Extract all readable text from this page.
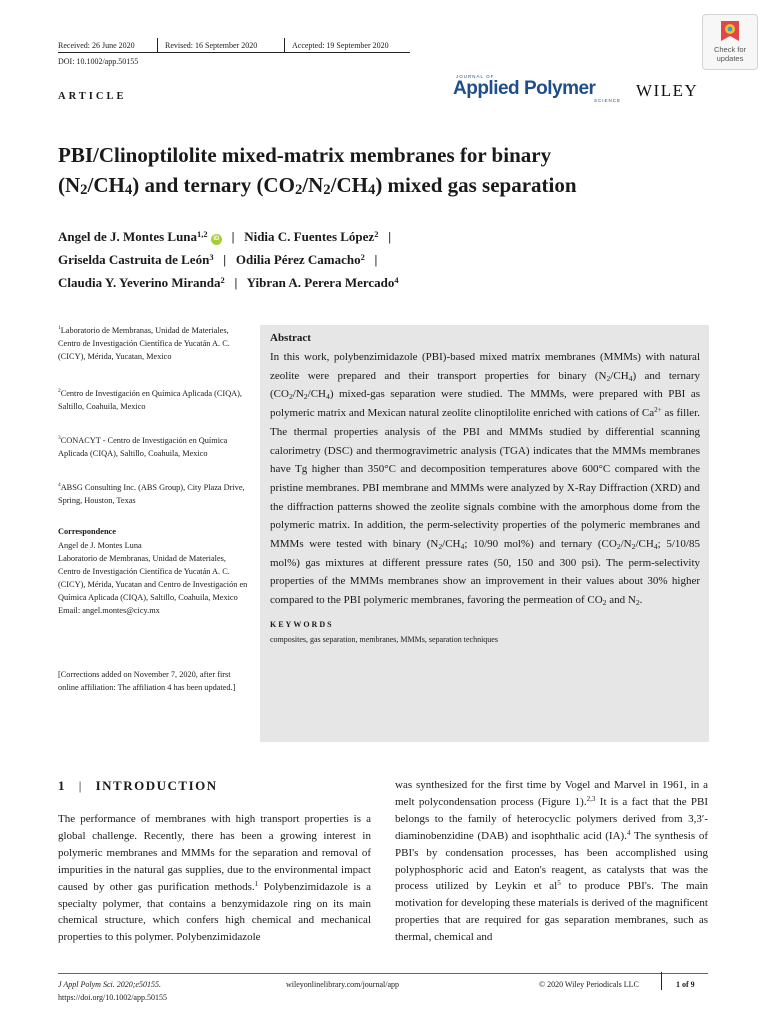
Received: 26 June 2020	Revised: 16 September 2020	Accepted: 19 September 2020
DOI: 10.1002/app.50155
ARTICLE
Check for updates
JOURNAL OF
Applied Polymer
SCIENCE
WILEY
PBI/Clinoptilolite mixed-matrix membranes for binary
$(N_2/CH_4)$ and ternary $(CO_2/N_2/CH_4)$ mixed gas separation
Angel de J. Montes Luna$^{1,2}$ iD   |   Nidia C. Fuentes López$^2$   |
Griselda Castruita de León$^3$   |   Odilia Pérez Camacho$^2$   |
Claudia Y. Yeverino Miranda$^2$   |   Yibran A. Perera Mercado$^4$
$^1$Laboratorio de Membranas, Unidad de Materiales, Centro de Investigación Científica de Yucatán A. C. (CICY), Mérida, Yucatan, Mexico
$^2$Centro de Investigación en Química Aplicada (CIQA), Saltillo, Coahuila, Mexico
$^3$CONACYT - Centro de Investigación en Química Aplicada (CIQA), Saltillo, Coahuila, Mexico
$^4$ABSG Consulting Inc. (ABS Group), City Plaza Drive, Spring, Houston, Texas
Correspondence
Angel de J. Montes Luna
Laboratorio de Membranas, Unidad de Materiales, Centro de Investigación Científica de Yucatán A. C. (CICY), Mérida, Yucatan and Centro de Investigación en Química Aplicada (CIQA), Saltillo, Coahuila, Mexico
Email: angel.montes@cicy.mx
[Corrections added on November 7, 2020, after first online affiliation: The affiliation 4 has been updated.]
Abstract
In this work, polybenzimidazole (PBI)-based mixed matrix membranes (MMMs) with natural zeolite were prepared and their transport properties for binary $(N_2/CH_4)$ and ternary $(CO_2/N_2/CH_4)$ mixed-gas separation were studied. The MMMs, were prepared with PBI as polymeric matrix and Mexican natural zeolite clinoptilolite enriched with cations of $Ca^{2+}$ as filler. The thermal properties analysis of the PBI and MMMs studied by differential scanning calorimetry (DSC) and thermogravimetric analysis (TGA) indicates that the MMMs membranes have Tg higher than 350°C and decomposition temperatures above 600°C compared with the pristine membranes. PBI membrane and MMMs were analyzed by X-Ray Diffraction (XRD) and the diffraction patterns showed the zeolite signals combine with the amorphous dome from the polymeric matrix. In addition, the perm-selectivity properties of the polymeric membranes and MMMs were tested with binary ($N_2/CH_4$; 10/90 mol%) and ternary ($CO_2/N_2/CH_4$; 5/10/85 mol%) gas mixtures at different pressure rates (50, 150 and 300 psi). The perm-selectivity properties of the MMMs membranes show an improvement in their values about 30% higher compared to the PBI polymeric membranes, favoring the permeation of $CO_2$ and $N_2$.
KEYWORDS
composites, gas separation, membranes, MMMs, separation techniques
1 | INTRODUCTION
The performance of membranes with high transport properties is a global challenge. Recently, there has been a growing interest in polymeric membranes and MMMs for the separation and removal of impurities in the natural gas supplies, due to the environmental impact caused by other gas purification methods.$^1$ Polybenzimidazole is a specialty polymer, that contains a benzymidazole ring on its main chemical structure, which confers high chemical and mechanical properties to this polymer. Polybenzimidazole
was synthesized for the first time by Vogel and Marvel in 1961, in a melt polycondensation process (Figure 1).$^{2,3}$ It is a fact that the PBI belongs to the family of heterocyclic polymers derived from 3,3′-diaminobenzidine (DAB) and isophthalic acid (IA).$^4$ The synthesis of PBI's by condensation processes, has been accomplished using polyphosphoric acid and Eaton's reagent, as catalysts that was the process utilized by Leykin et $al^5$ to produce PBI's. The main motivation for developing these materials is derived of the magnificent properties that are required for gas separation membranes, such as thermal, chemical and
J Appl Polym Sci. 2020;e50155.
https://doi.org/10.1002/app.50155
wileyonlinelibrary.com/journal/app	© 2020 Wiley Periodicals LLC	1 of 9
